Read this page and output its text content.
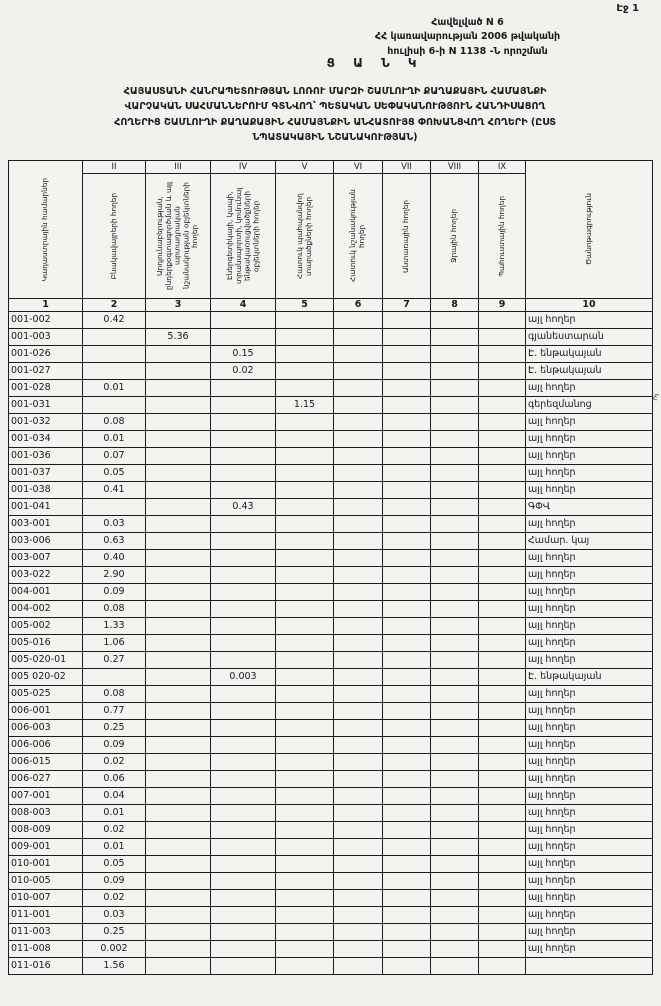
Էջ 1
Հավելված N 6
ՀՀ կառավարության 2006 թվականի
հուլիսի 6-ի N 1138 -Ն որոշման
Ց Ա Ն Կ
ՀԱՅԱՍՏԱՆԻ ՀԱՆՐԱՊԵՏՈՒԹՅԱՆ ԼՈՌՈՒ ՄԱՐԶԻ ՇԱՄԼՈՒՂԻ ՔԱՂԱՔԱՅԻՆ ՀԱՄԱՅՆՔԻ
ՎԱՐՉԱԿԱՆ ՍԱՀՄԱՆՆԵՐՈՒՄ ԳՏՆՎՈՂ՝ ՊԵՏԱԿԱՆ ՍԵՓԱԿԱՆՈՒԹՅՈՒՆ ՀԱՆԴԻՍԱՑՈՂ
ՀՈՂԵՐԻՑ ՇԱՄԼՈՒՂԻ ՔԱՂԱՔԱՅԻՆ ՀԱՄԱՅՆՔԻՆ ԱՆՀԱՏՈՒՅՑ ՓՈԽԱՆՑՎՈՂ ՀՈՂԵՐԻ (ԸՍՏ
ՆՊԱՏԱԿԱՅԻՆ ՆՇԱՆԱԿՈՒԹՅԱՆ)
Կադաստրային համարներ

II
Բնակավայրերի հողեր

III
Արդյունաբերության, ընդերքօգտագործման և այլ արտադրական նշանակության օբյեկտների հողեր

IV
Էներգետիկայի, կապի, տրանսպորտի, կոմունալ ենթակառուցվածքների օբյեկտների հողեր

V
Հատուկ պահպանվող տարածքների հողեր

VI
Հատուկ նշանակության հողեր

VII
Անտառային հողեր

VIII
Ջրային հողեր

IX
Պահուստային հողեր	Ծանոթագրություն

1	2	3	4	5	6	7	8	9	10
001-002	0.42								այլ հողեր
001-003		5.36							գյանեստարան
001-026			0.15						Է. ենթակայան
001-027			0.02						Է. ենթակայան
001-028	0.01								այլ հողեր
001-031				1.15					գերեզմանոց
001-032	0.08								այլ հողեր
001-034	0.01								այլ հողեր
001-036	0.07								այլ հողեր
001-037	0.05								այլ հողեր
001-038	0.41								այլ հողեր
001-041			0.43						ԳՓՎ
003-001	0.03								այլ հողեր
003-006	0.63								Համար. կայ
003-007	0.40								այլ հողեր
003-022	2.90								այլ հողեր
004-001	0.09								այլ հողեր
004-002	0.08								այլ հողեր
005-002	1.33								այլ հողեր
005-016	1.06								այլ հողեր
005-020-01	0.27								այլ հողեր
005 020-02			0.003						Է. ենթակայան
005-025	0.08								այլ հողեր
006-001	0.77								այլ հողեր
006-003	0.25								այլ հողեր
006-006	0.09								այլ հողեր
006-015	0.02								այլ հողեր
006-027	0.06								այլ հողեր
007-001	0.04								այլ հողեր
008-003	0.01								այլ հողեր
008-009	0.02								այլ հողեր
009-001	0.01								այլ հողեր
010-001	0.05								այլ հողեր
010-005	0.09								այլ հողեր
010-007	0.02								այլ հողեր
011-001	0.03								այլ հողեր
011-003	0.25								այլ հողեր
011-008	0.002								այլ հողեր
011-016	1.56								
ɛ
